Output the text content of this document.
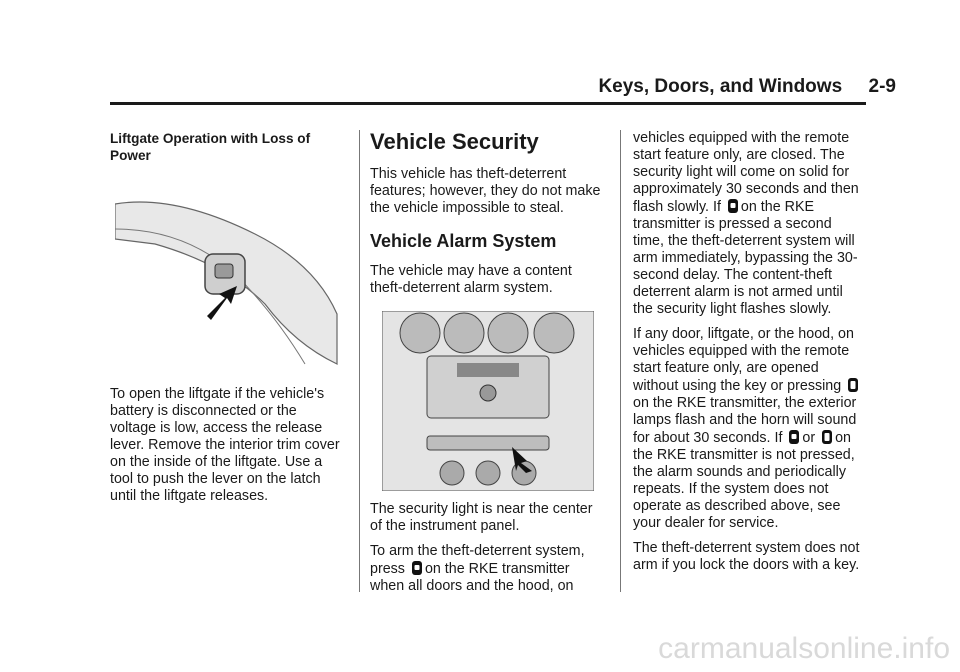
Keys, Doors, and Windows     2-9

Liftgate Operation with Loss of Power

To open the liftgate if the vehicle's battery is disconnected or the voltage is low, access the release lever. Remove the interior trim cover on the inside of the liftgate. Use a tool to push the lever on the latch until the liftgate releases.

Vehicle Security

This vehicle has theft-deterrent features; however, they do not make the vehicle impossible to steal.

Vehicle Alarm System

The vehicle may have a content theft-deterrent alarm system.

The security light is near the center of the instrument panel.

To arm the theft-deterrent system, press on the RKE transmitter when all doors and the hood, on

vehicles equipped with the remote start feature only, are closed. The security light will come on solid for approximately 30 seconds and then flash slowly. If on the RKE transmitter is pressed a second time, the theft-deterrent system will arm immediately, bypassing the 30-second delay. The content-theft deterrent alarm is not armed until the security light flashes slowly.

If any door, liftgate, or the hood, on vehicles equipped with the remote start feature only, are opened without using the key or pressing on the RKE transmitter, the exterior lamps flash and the horn will sound for about 30 seconds. If or on the RKE transmitter is not pressed, the alarm sounds and periodically repeats. If the system does not operate as described above, see your dealer for service.

The theft-deterrent system does not arm if you lock the doors with a key.

carmanualsonline.info
